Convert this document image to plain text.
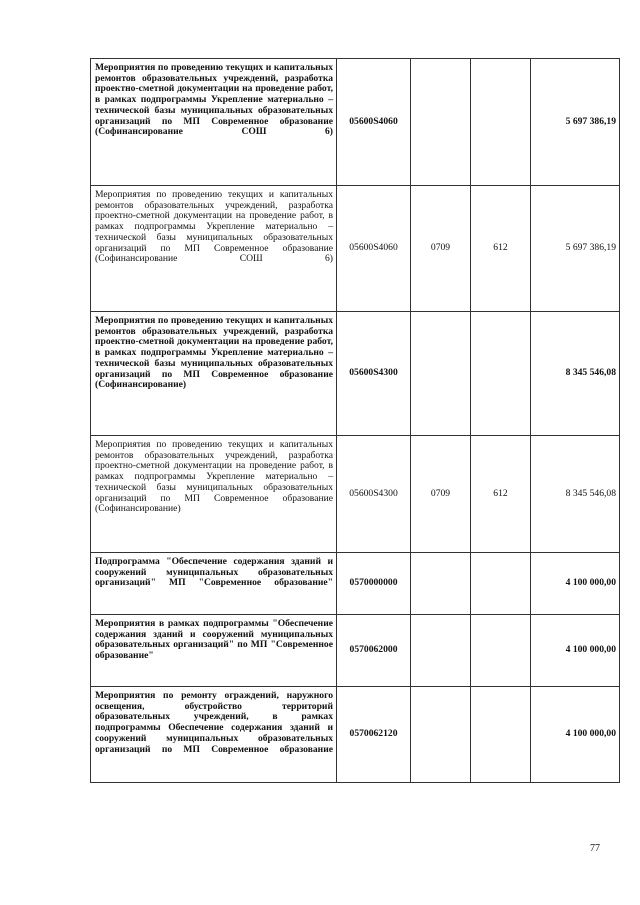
Мероприятия по проведению текущих и капитальных ремонтов образовательных учреждений, разработка проектно-сметной документации на проведение работ, в рамках подпрограммы Укрепление материально – технической базы муниципальных образовательных организаций по МП Современное образование (Софинансирование СОШ 6)	05600S4060			5 697 386,19
Мероприятия по проведению текущих и капитальных ремонтов образовательных учреждений, разработка проектно-сметной документации на проведение работ, в рамках подпрограммы Укрепление материально – технической базы муниципальных образовательных организаций по МП Современное образование (Софинансирование СОШ 6)	05600S4060	0709	612	5 697 386,19
Мероприятия по проведению текущих и капитальных ремонтов образовательных учреждений, разработка проектно-сметной документации на проведение работ, в рамках подпрограммы Укрепление материально – технической базы муниципальных образовательных организаций по МП Современное образование (Софинансирование)	05600S4300			8 345 546,08
Мероприятия по проведению текущих и капитальных ремонтов образовательных учреждений, разработка проектно-сметной документации на проведение работ, в рамках подпрограммы Укрепление материально – технической базы муниципальных образовательных организаций по МП Современное образование (Софинансирование)	05600S4300	0709	612	8 345 546,08
Подпрограмма "Обеспечение содержания зданий и сооружений муниципальных образовательных организаций" МП "Современное образование"	0570000000			4 100 000,00
Мероприятия в рамках подпрограммы "Обеспечение содержания зданий и сооружений муниципальных образовательных организаций" по МП "Современное образование"	0570062000			4 100 000,00
Мероприятия по ремонту ограждений, наружного освещения, обустройство территорий образовательных учреждений, в рамках подпрограммы Обеспечение содержания зданий и сооружений муниципальных образовательных организаций по МП Современное образование	0570062120			4 100 000,00
77
